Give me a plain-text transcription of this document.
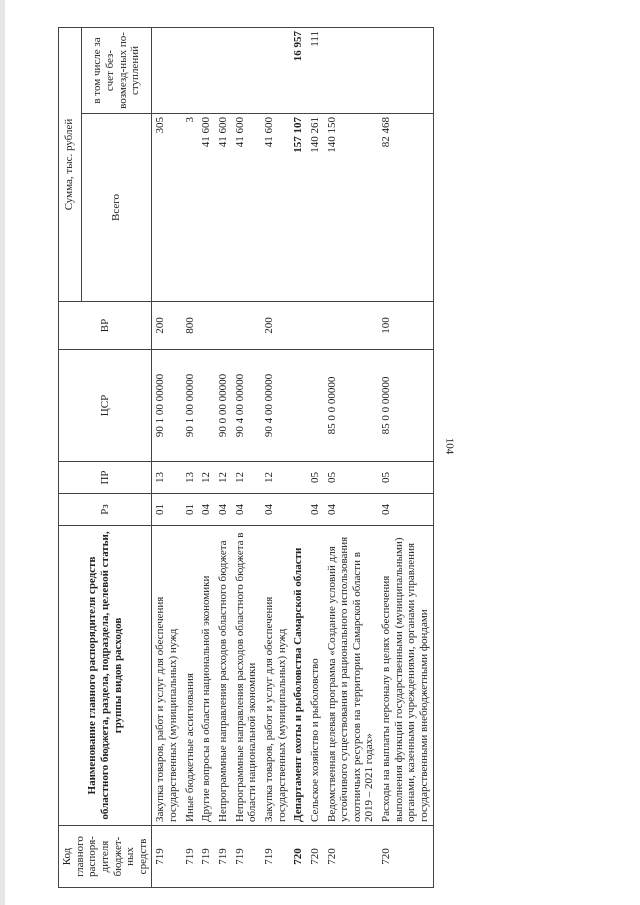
104
Код главного распоря-дителя бюджет-ных средств	Наименование главного распорядителя средств областного бюджета, раздела, подраздела, целевой статьи, группы видов расходов	Рз	ПР	ЦСР	ВР	Сумма, тыс. рублей	
						Всего	в том числе за счет без-возмезд-ных по-ступлений
719	Закупка товаров, работ и услуг для обеспечения государственных (муниципальных) нужд	01	13	90 1 00 00000	200	305	
719	Иные бюджетные ассигнования	01	13	90 1 00 00000	800	3	
719	Другие вопросы в области национальной экономики	04	12			41 600	
719	Непрограммные направления расходов областного бюджета	04	12	90 0 00 00000		41 600	
719	Непрограммные направления расходов областного бюджета в области национальной экономики	04	12	90 4 00 00000		41 600	
719	Закупка товаров, работ и услуг для обеспечения государственных (муниципальных) нужд	04	12	90 4 00 00000	200	41 600	
720	Департамент охоты и рыболовства Самарской области					157 107	16 957
720	Сельское хозяйство и рыболовство	04	05			140 261	111
720	Ведомственная целевая программа «Создание условий для устойчивого существования и рационального использования охотничьих ресурсов на территории Самарской области в 2019 – 2021 годах»	04	05	85 0 0 00000		140 150	
720	Расходы на выплаты персоналу в целях обеспечения выполнения функций государственными (муниципальными) органами, казенными учреждениями, органами управления государственными внебюджетными фондами	04	05	85 0 0 00000	100	82 468	
